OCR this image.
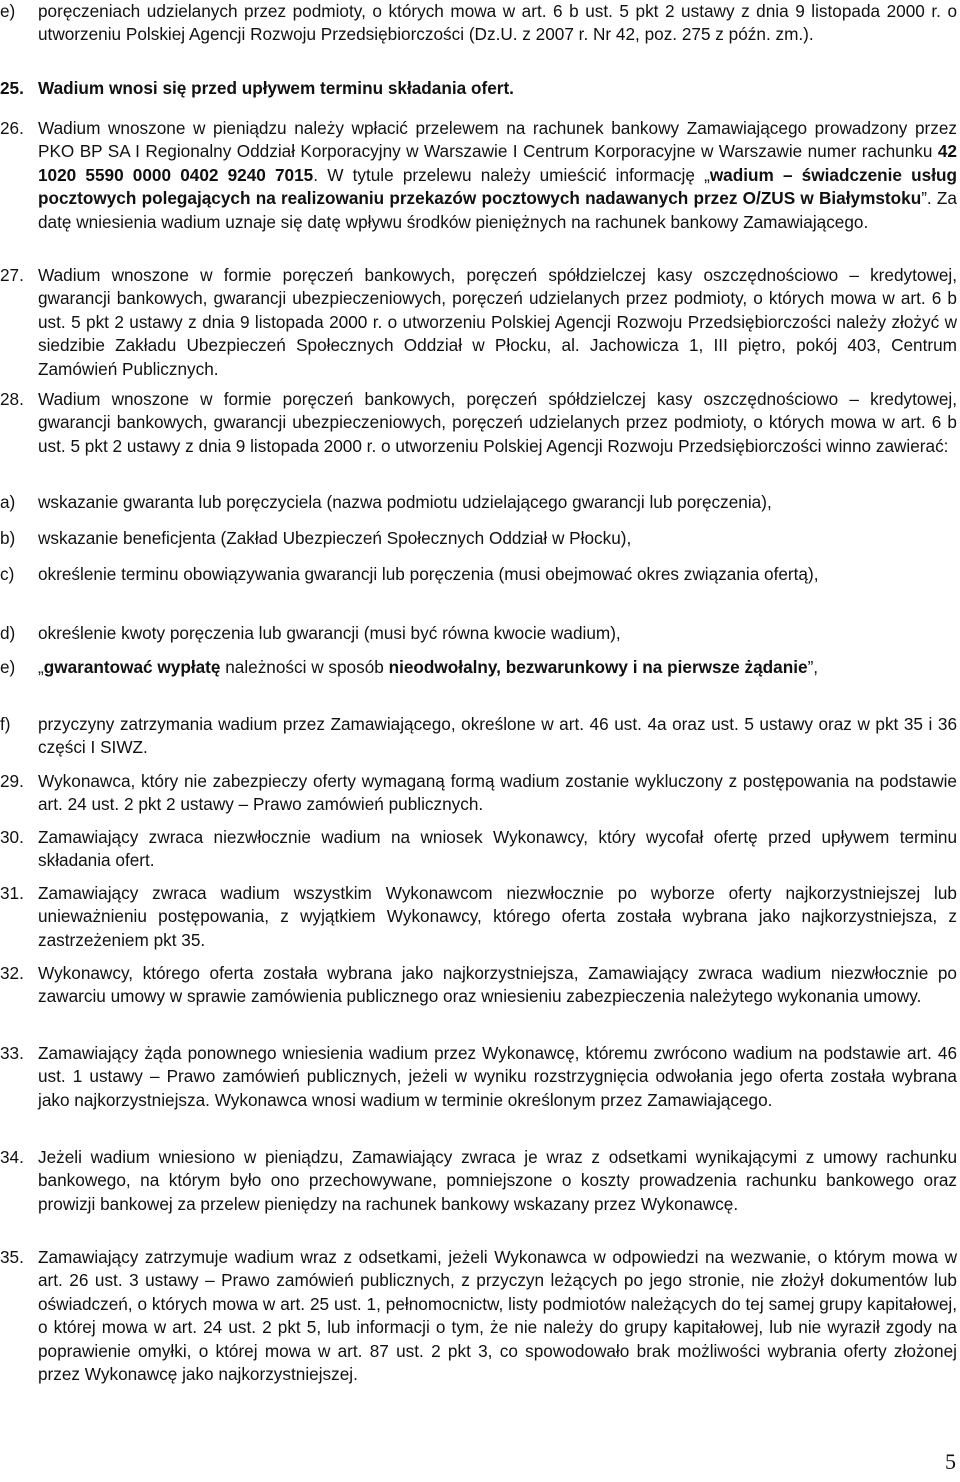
e)	poręczeniach udzielanych przez podmioty, o których mowa w art. 6 b ust. 5 pkt 2 ustawy z dnia 9 listopada 2000 r. o utworzeniu Polskiej Agencji Rozwoju Przedsiębiorczości (Dz.U. z 2007 r. Nr 42, poz. 275 z późn. zm.).
25. Wadium wnosi się przed upływem terminu składania ofert.
26. Wadium wnoszone w pieniądzu należy wpłacić przelewem na rachunek bankowy Zamawiającego prowadzony przez PKO BP SA I Regionalny Oddział Korporacyjny w Warszawie I Centrum Korporacyjne w Warszawie numer rachunku 42 1020 5590 0000 0402 9240 7015. W tytule przelewu należy umieścić informację „wadium – świadczenie usług pocztowych polegających na realizowaniu przekazów pocztowych nadawanych przez O/ZUS w Białymstoku”. Za datę wniesienia wadium uznaje się datę wpływu środków pieniężnych na rachunek bankowy Zamawiającego.
27. Wadium wnoszone w formie poręczeń bankowych, poręczeń spółdzielczej kasy oszczędnościowo – kredytowej, gwarancji bankowych, gwarancji ubezpieczeniowych, poręczeń udzielanych przez podmioty, o których mowa w art. 6 b ust. 5 pkt 2 ustawy z dnia 9 listopada 2000 r. o utworzeniu Polskiej Agencji Rozwoju Przedsiębiorczości należy złożyć w siedzibie Zakładu Ubezpieczeń Społecznych Oddział w Płocku, al. Jachowicza 1, III piętro, pokój 403, Centrum Zamówień Publicznych.
28. Wadium wnoszone w formie poręczeń bankowych, poręczeń spółdzielczej kasy oszczędnościowo – kredytowej, gwarancji bankowych, gwarancji ubezpieczeniowych, poręczeń udzielanych przez podmioty, o których mowa w art. 6 b ust. 5 pkt 2 ustawy z dnia 9 listopada 2000 r. o utworzeniu Polskiej Agencji Rozwoju Przedsiębiorczości winno zawierać:
a)	wskazanie gwaranta lub poręczyciela (nazwa podmiotu udzielającego gwarancji lub poręczenia),
b)	wskazanie beneficjenta (Zakład Ubezpieczeń Społecznych Oddział w Płocku),
c)	określenie terminu obowiązywania gwarancji lub poręczenia (musi obejmować okres związania ofertą),
d)	określenie kwoty poręczenia lub gwarancji (musi być równa kwocie wadium),
e)	„gwarantować wypłatę należności w sposób nieodwołalny, bezwarunkowy i na pierwsze żądanie”,
f)	przyczyny zatrzymania wadium przez Zamawiającego, określone w art. 46 ust. 4a oraz ust. 5 ustawy oraz w pkt 35 i 36 części I SIWZ.
29. Wykonawca, który nie zabezpieczy oferty wymaganą formą wadium zostanie wykluczony z postępowania na podstawie art. 24 ust. 2 pkt 2 ustawy – Prawo zamówień publicznych.
30. Zamawiający zwraca niezwłocznie wadium na wniosek Wykonawcy, który wycofał ofertę przed upływem terminu składania ofert.
31. Zamawiający zwraca wadium wszystkim Wykonawcom niezwłocznie po wyborze oferty najkorzystniejszej lub unieważnieniu postępowania, z wyjątkiem Wykonawcy, którego oferta została wybrana jako najkorzystniejsza, z zastrzeżeniem pkt 35.
32. Wykonawcy, którego oferta została wybrana jako najkorzystniejsza, Zamawiający zwraca wadium niezwłocznie po zawarciu umowy w sprawie zamówienia publicznego oraz wniesieniu zabezpieczenia należytego wykonania umowy.
33. Zamawiający żąda ponownego wniesienia wadium przez Wykonawcę, któremu zwrócono wadium na podstawie art. 46 ust. 1 ustawy – Prawo zamówień publicznych, jeżeli w wyniku rozstrzygnięcia odwołania jego oferta została wybrana jako najkorzystniejsza. Wykonawca wnosi wadium w terminie określonym przez Zamawiającego.
34. Jeżeli wadium wniesiono w pieniądzu, Zamawiający zwraca je wraz z odsetkami wynikającymi z umowy rachunku bankowego, na którym było ono przechowywane, pomniejszone o koszty prowadzenia rachunku bankowego oraz prowizji bankowej za przelew pieniędzy na rachunek bankowy wskazany przez Wykonawcę.
35. Zamawiający zatrzymuje wadium wraz z odsetkami, jeżeli Wykonawca w odpowiedzi na wezwanie, o którym mowa w art. 26 ust. 3 ustawy – Prawo zamówień publicznych, z przyczyn leżących po jego stronie, nie złożył dokumentów lub oświadczeń, o których mowa w art. 25 ust. 1, pełnomocnictw, listy podmiotów należących do tej samej grupy kapitałowej, o której mowa w art. 24 ust. 2 pkt 5, lub informacji o tym, że nie należy do grupy kapitałowej, lub nie wyraził zgody na poprawienie omyłki, o której mowa w art. 87 ust. 2 pkt 3, co spowodowało brak możliwości wybrania oferty złożonej przez Wykonawcę jako najkorzystniejszej.
5
